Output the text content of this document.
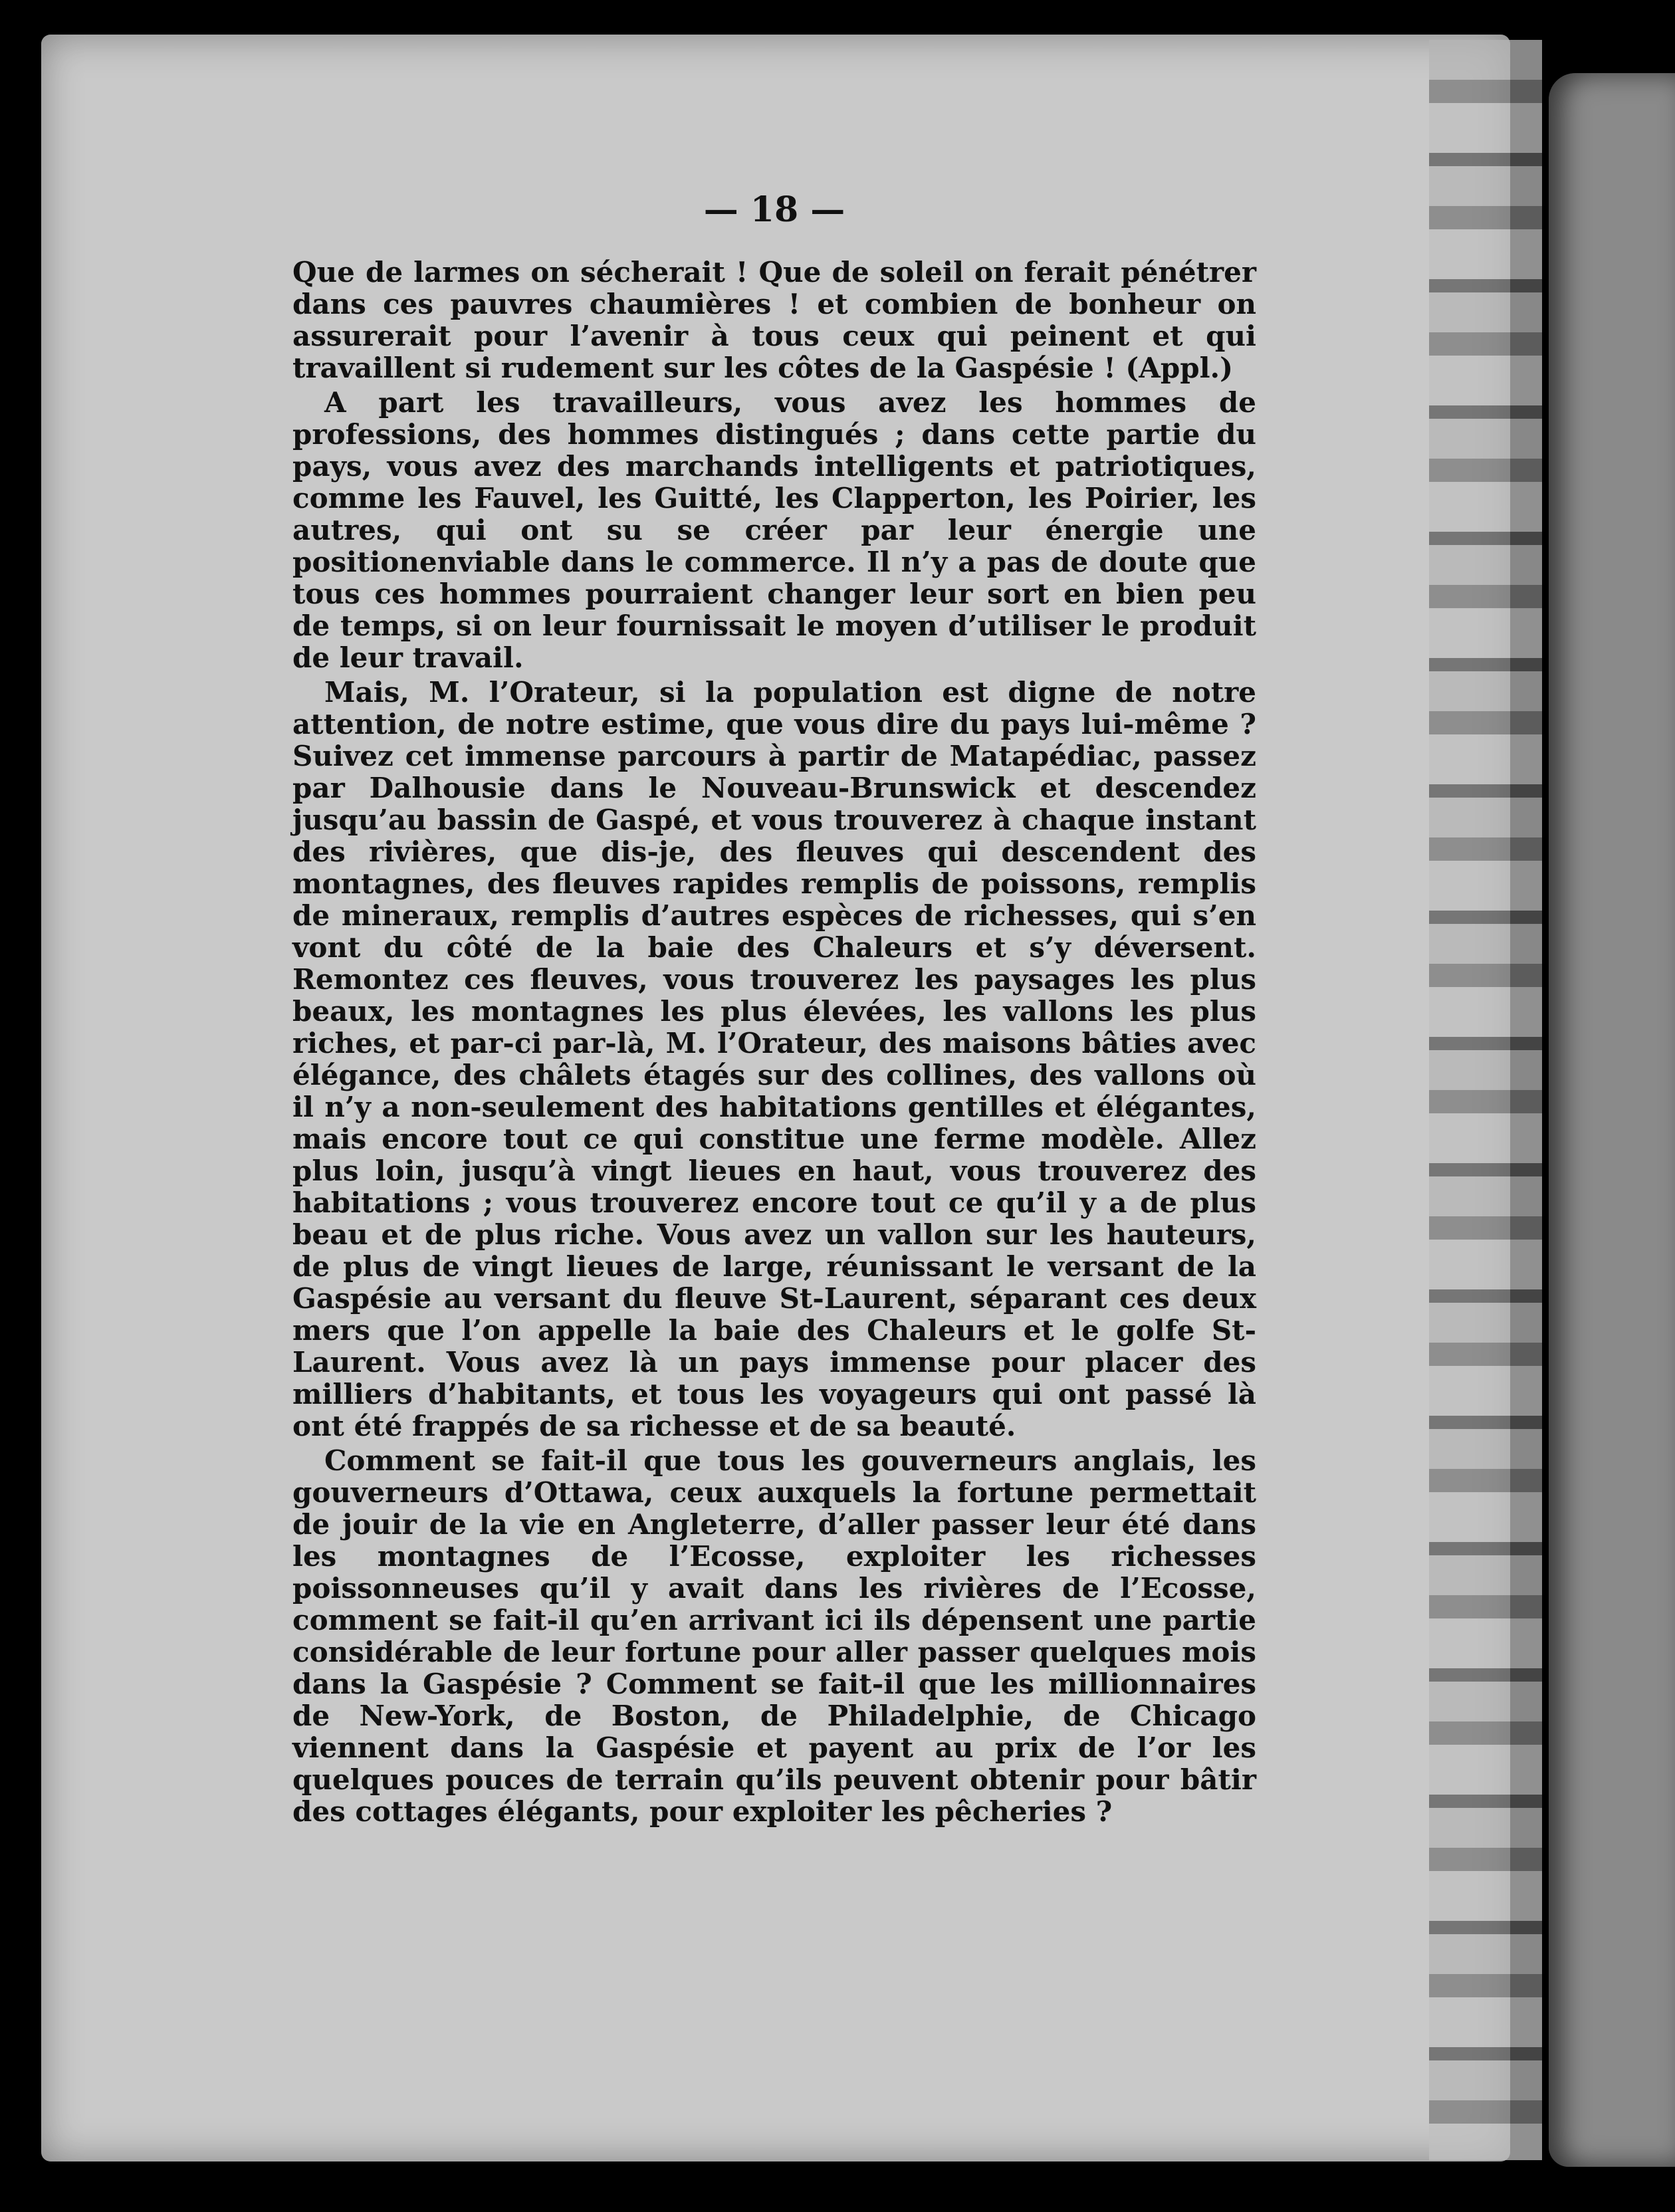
— 18 —

Que de larmes on sécherait ! Que de soleil on ferait pénétrer dans ces pauvres chaumières ! et combien de bonheur on assurerait pour l’avenir à tous ceux qui peinent et qui travaillent si rudement sur les côtes de la Gaspésie ! (Appl.)

A part les travailleurs, vous avez les hommes de professions, des hommes distingués ; dans cette partie du pays, vous avez des marchands intelligents et patriotiques, comme les Fauvel, les Guitté, les Clapperton, les Poirier, les autres, qui ont su se créer par leur énergie une positionenviable dans le commerce. Il n’y a pas de doute que tous ces hommes pourraient changer leur sort en bien peu de temps, si on leur fournissait le moyen d’utiliser le produit de leur travail.

Mais, M. l’Orateur, si la population est digne de notre attention, de notre estime, que vous dire du pays lui-même ? Suivez cet immense parcours à partir de Matapédiac, passez par Dalhousie dans le Nouveau-Brunswick et descendez jusqu’au bassin de Gaspé, et vous trouverez à chaque instant des rivières, que dis-je, des fleuves qui descendent des montagnes, des fleuves rapides remplis de poissons, remplis de mineraux, remplis d’autres espèces de richesses, qui s’en vont du côté de la baie des Chaleurs et s’y déversent. Remontez ces fleuves, vous trouverez les paysages les plus beaux, les montagnes les plus élevées, les vallons les plus riches, et par-ci par-là, M. l’Orateur, des maisons bâties avec élégance, des châlets étagés sur des collines, des vallons où il n’y a non-seulement des habitations gentilles et élégantes, mais encore tout ce qui constitue une ferme modèle. Allez plus loin, jusqu’à vingt lieues en haut, vous trouverez des habitations ; vous trouverez encore tout ce qu’il y a de plus beau et de plus riche. Vous avez un vallon sur les hauteurs, de plus de vingt lieues de large, réunissant le versant de la Gaspésie au versant du fleuve St-Laurent, séparant ces deux mers que l’on appelle la baie des Chaleurs et le golfe St-Laurent. Vous avez là un pays immense pour placer des milliers d’habitants, et tous les voyageurs qui ont passé là ont été frappés de sa richesse et de sa beauté.

Comment se fait-il que tous les gouverneurs anglais, les gouverneurs d’Ottawa, ceux auxquels la fortune permettait de jouir de la vie en Angleterre, d’aller passer leur été dans les montagnes de l’Ecosse, exploiter les richesses poissonneuses qu’il y avait dans les rivières de l’Ecosse, comment se fait-il qu’en arrivant ici ils dépensent une partie considérable de leur fortune pour aller passer quelques mois dans la Gaspésie ? Comment se fait-il que les millionnaires de New-York, de Boston, de Philadelphie, de Chicago viennent dans la Gaspésie et payent au prix de l’or les quelques pouces de terrain qu’ils peuvent obtenir pour bâtir des cottages élégants, pour exploiter les pêcheries ?
